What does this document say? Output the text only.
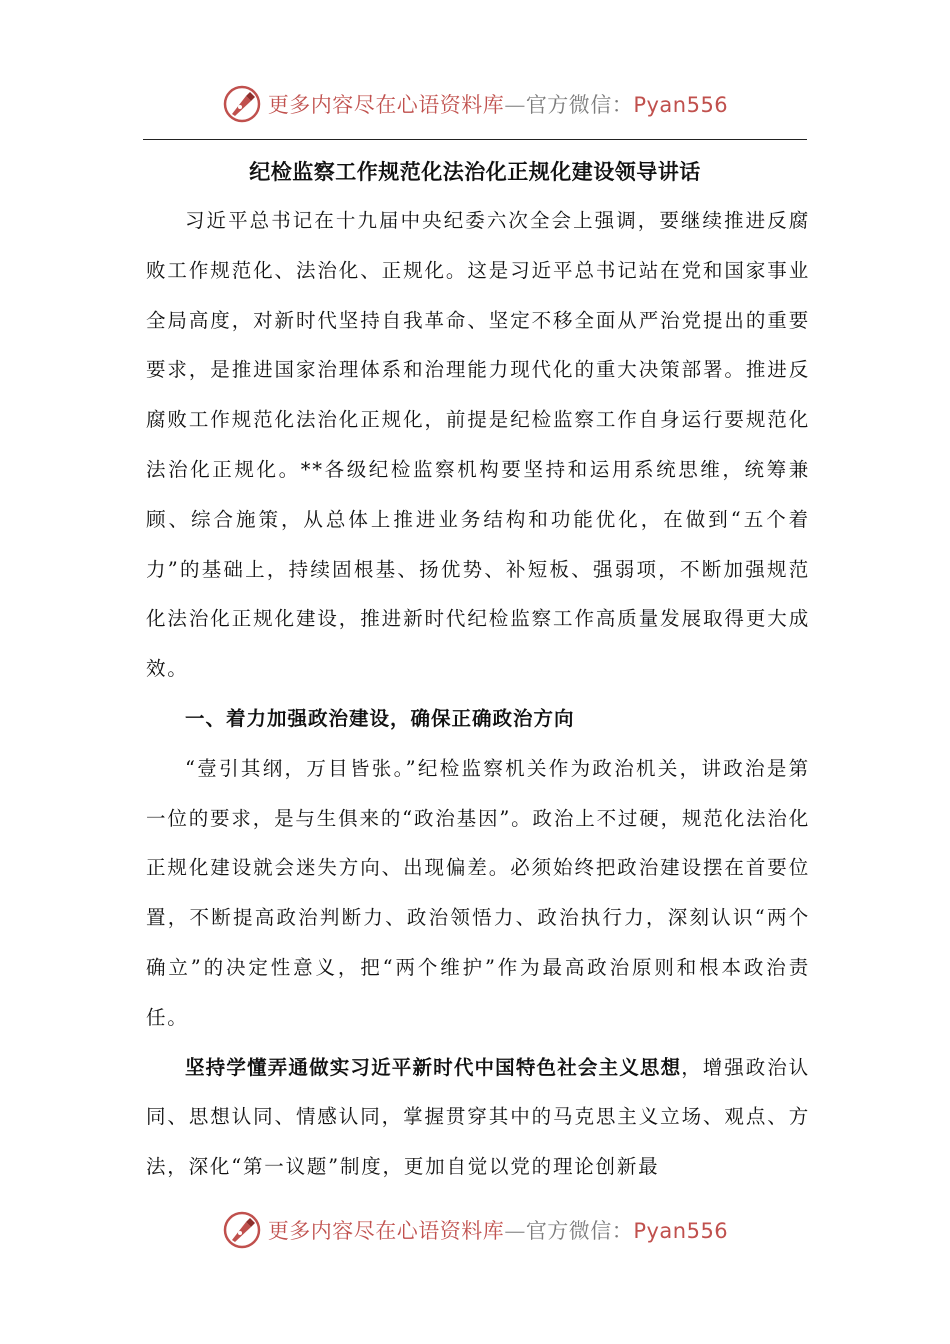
更多内容尽在心语资料库—官方微信：Pyan556
纪检监察工作规范化法治化正规化建设领导讲话

习近平总书记在十九届中央纪委六次全会上强调，要继续推进反腐败工作规范化、法治化、正规化。这是习近平总书记站在党和国家事业全局高度，对新时代坚持自我革命、坚定不移全面从严治党提出的重要要求，是推进国家治理体系和治理能力现代化的重大决策部署。推进反腐败工作规范化法治化正规化，前提是纪检监察工作自身运行要规范化法治化正规化。**各级纪检监察机构要坚持和运用系统思维，统筹兼顾、综合施策，从总体上推进业务结构和功能优化，在做到“五个着力”的基础上，持续固根基、扬优势、补短板、强弱项，不断加强规范化法治化正规化建设，推进新时代纪检监察工作高质量发展取得更大成效。

一、着力加强政治建设，确保正确政治方向

“壹引其纲，万目皆张。”纪检监察机关作为政治机关，讲政治是第一位的要求，是与生俱来的“政治基因”。政治上不过硬，规范化法治化正规化建设就会迷失方向、出现偏差。必须始终把政治建设摆在首要位置，不断提高政治判断力、政治领悟力、政治执行力，深刻认识“两个确立”的决定性意义，把“两个维护”作为最高政治原则和根本政治责任。

坚持学懂弄通做实习近平新时代中国特色社会主义思想，增强政治认同、思想认同、情感认同，掌握贯穿其中的马克思主义立场、观点、方法，深化“第一议题”制度，更加自觉以党的理论创新最

更多内容尽在心语资料库—官方微信：Pyan556
